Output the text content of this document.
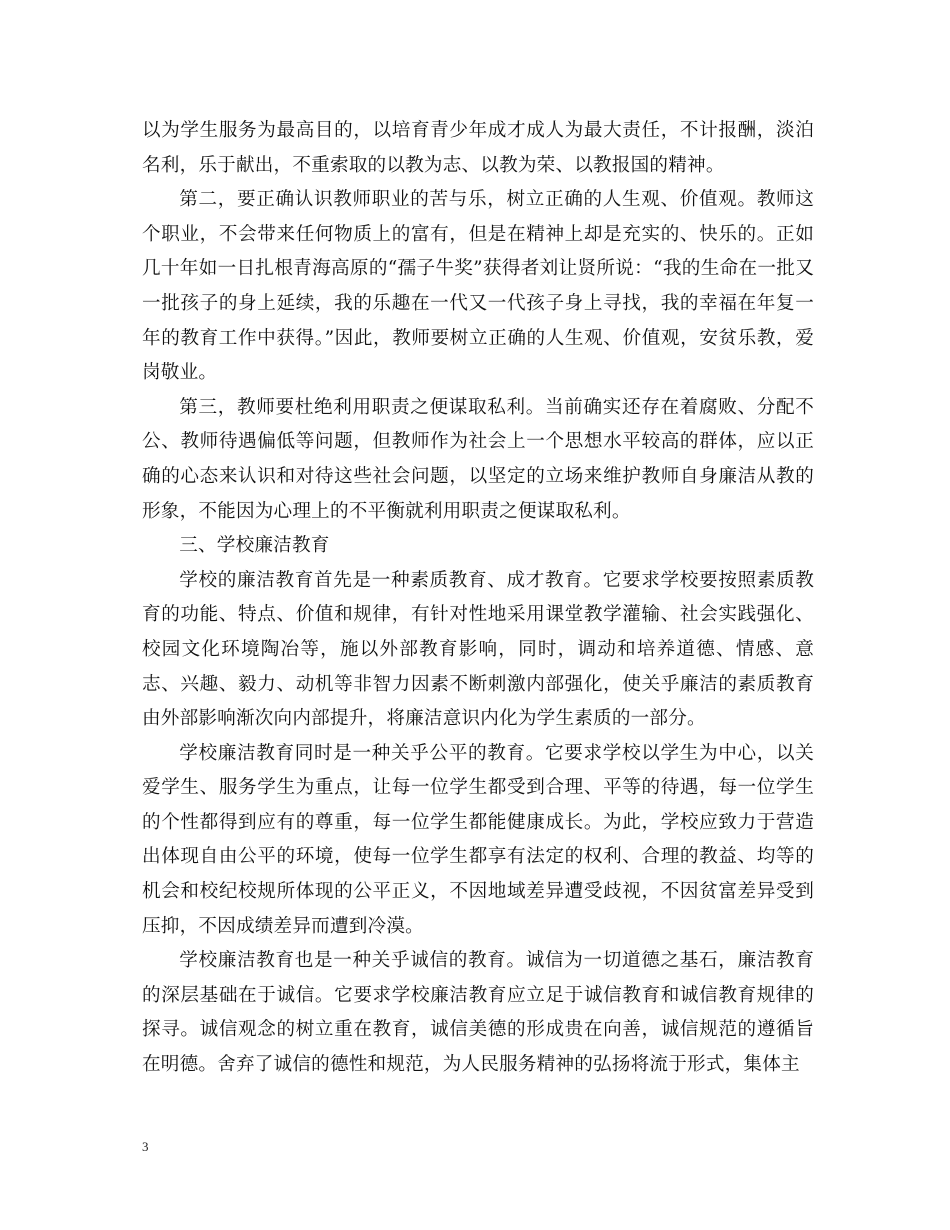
以为学生服务为最高目的，以培育青少年成才成人为最大责任，不计报酬，淡泊名利，乐于献出，不重索取的以教为志、以教为荣、以教报国的精神。

第二，要正确认识教师职业的苦与乐，树立正确的人生观、价值观。教师这个职业，不会带来任何物质上的富有，但是在精神上却是充实的、快乐的。正如几十年如一日扎根青海高原的“孺子牛奖”获得者刘让贤所说：“我的生命在一批又一批孩子的身上延续，我的乐趣在一代又一代孩子身上寻找，我的幸福在年复一年的教育工作中获得。”因此，教师要树立正确的人生观、价值观，安贫乐教，爱岗敬业。

第三，教师要杜绝利用职责之便谋取私利。当前确实还存在着腐败、分配不公、教师待遇偏低等问题，但教师作为社会上一个思想水平较高的群体，应以正确的心态来认识和对待这些社会问题，以坚定的立场来维护教师自身廉洁从教的形象，不能因为心理上的不平衡就利用职责之便谋取私利。

三、学校廉洁教育

学校的廉洁教育首先是一种素质教育、成才教育。它要求学校要按照素质教育的功能、特点、价值和规律，有针对性地采用课堂教学灌输、社会实践强化、校园文化环境陶冶等，施以外部教育影响，同时，调动和培养道德、情感、意志、兴趣、毅力、动机等非智力因素不断刺激内部强化，使关乎廉洁的素质教育由外部影响渐次向内部提升，将廉洁意识内化为学生素质的一部分。

学校廉洁教育同时是一种关乎公平的教育。它要求学校以学生为中心，以关爱学生、服务学生为重点，让每一位学生都受到合理、平等的待遇，每一位学生的个性都得到应有的尊重，每一位学生都能健康成长。为此，学校应致力于营造出体现自由公平的环境，使每一位学生都享有法定的权利、合理的教益、均等的机会和校纪校规所体现的公平正义，不因地域差异遭受歧视，不因贫富差异受到压抑，不因成绩差异而遭到冷漠。

学校廉洁教育也是一种关乎诚信的教育。诚信为一切道德之基石，廉洁教育的深层基础在于诚信。它要求学校廉洁教育应立足于诚信教育和诚信教育规律的探寻。诚信观念的树立重在教育，诚信美德的形成贵在向善，诚信规范的遵循旨在明德。舍弃了诚信的德性和规范，为人民服务精神的弘扬将流于形式，集体主

3
